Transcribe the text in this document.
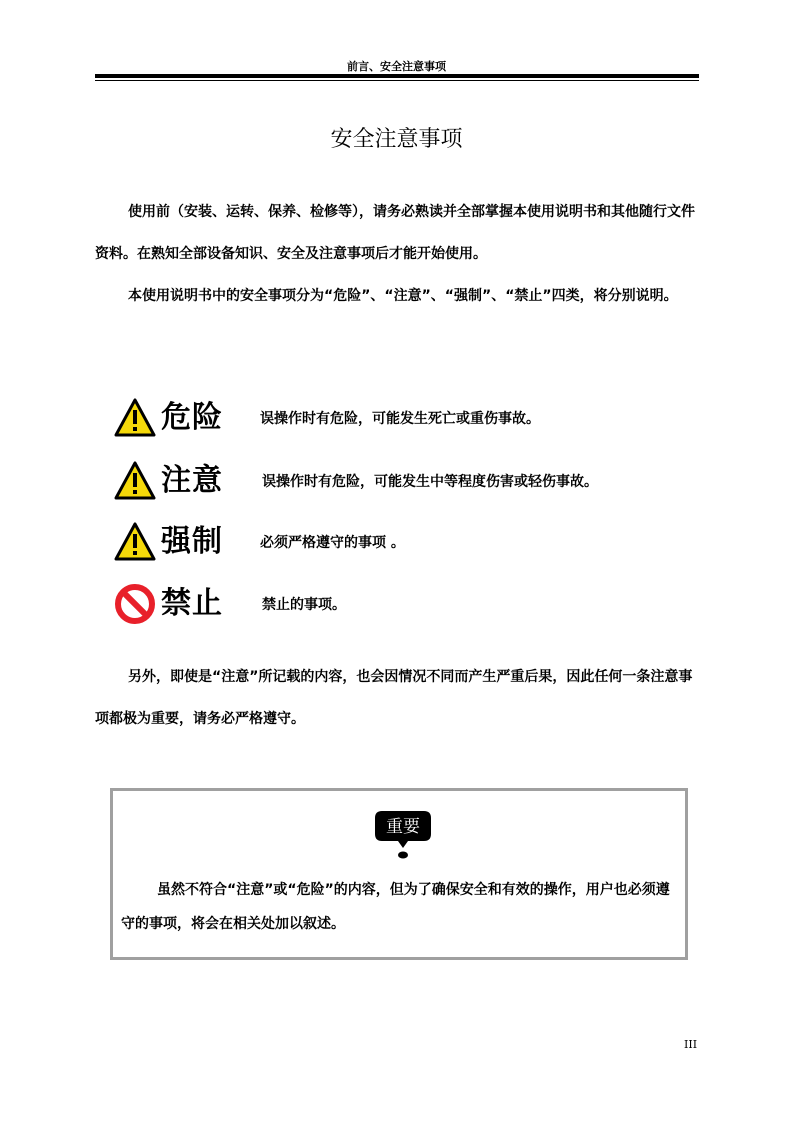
前言、安全注意事项
安全注意事项

使用前（安装、运转、保养、检修等），请务必熟读并全部掌握本使用说明书和其他随行文件资料。在熟知全部设备知识、安全及注意事项后才能开始使用。

本使用说明书中的安全事项分为“危险”、“注意”、“强制”、“禁止”四类，将分别说明。

危险	误操作时有危险，可能发生死亡或重伤事故。
注意	误操作时有危险，可能发生中等程度伤害或轻伤事故。
强制	必须严格遵守的事项 。
禁止	禁止的事项。

另外，即使是“注意”所记载的内容，也会因情况不同而产生严重后果，因此任何一条注意事项都极为重要，请务必严格遵守。

重要

虽然不符合“注意”或“危险”的内容，但为了确保安全和有效的操作，用户也必须遵守的事项，将会在相关处加以叙述。

III
